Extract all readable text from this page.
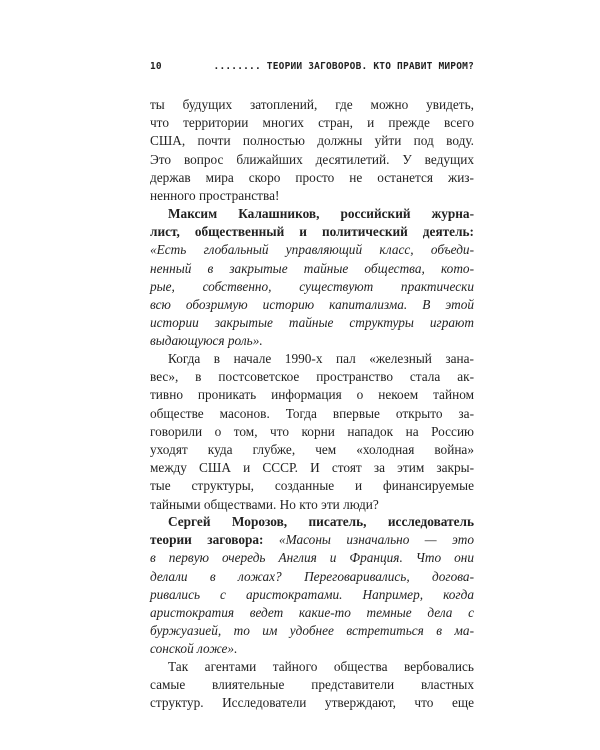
10	........ ТЕОРИИ ЗАГОВОРОВ. КТО ПРАВИТ МИРОМ?
ты будущих затоплений, где можно увидеть,
что территории многих стран, и прежде всего
США, почти полностью должны уйти под воду.
Это вопрос ближайших десятилетий. У ведущих
держав мира скоро просто не останется жиз-
ненного пространства!
Максим Калашников, российский журна-
лист, общественный и политический деятель:
«Есть глобальный управляющий класс, объеди-
ненный в закрытые тайные общества, кото-
рые, собственно, существуют практически
всю обозримую историю капитализма. В этой
истории закрытые тайные структуры играют
выдающуюся роль».
Когда в начале 1990-х пал «железный зана-
вес», в постсоветское пространство стала ак-
тивно проникать информация о некоем тайном
обществе масонов. Тогда впервые открыто за-
говорили о том, что корни нападок на Россию
уходят куда глубже, чем «холодная война»
между США и СССР. И стоят за этим закры-
тые структуры, созданные и финансируемые
тайными обществами. Но кто эти люди?
Сергей Морозов, писатель, исследователь
теории заговора: «Масоны изначально — это
в первую очередь Англия и Франция. Что они
делали в ложах? Переговаривались, догова-
ривались с аристократами. Например, когда
аристократия ведет какие-то темные дела с
буржуазией, то им удобнее встретиться в ма-
сонской ложе».
Так агентами тайного общества вербовались
самые влиятельные представители властных
структур. Исследователи утверждают, что еще
